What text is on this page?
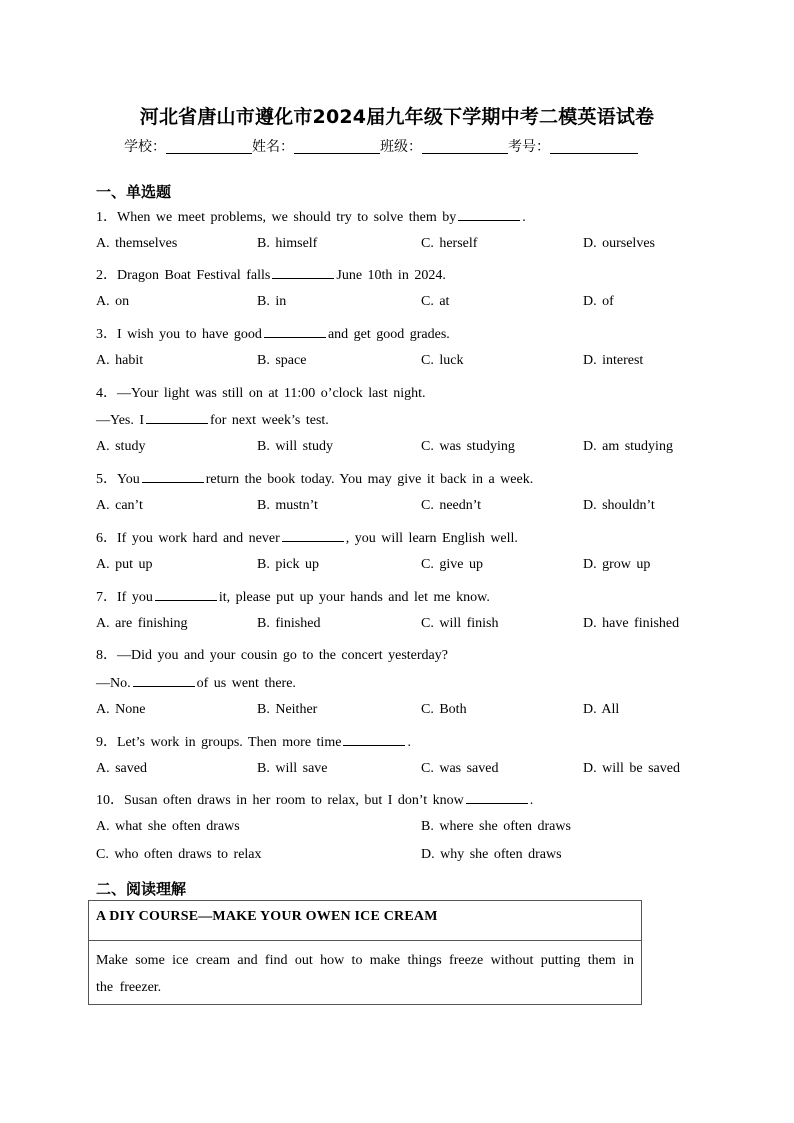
河北省唐山市遵化市2024届九年级下学期中考二模英语试卷
学校：	姓名：	班级：	考号：
一、单选题
1．When we meet problems, we should try to solve them by	.
A. themselves	B. himself	C. herself	D. ourselves
2．Dragon Boat Festival falls	June 10th in 2024.
A. on	B. in	C. at	D. of
3．I wish you to have good	and get good grades.
A. habit	B. space	C. luck	D. interest
4．—Your light was still on at 11:00 o’clock last night.
—Yes. I	for next week’s test.
A. study	B. will study	C. was studying	D. am studying
5．You	return the book today. You may give it back in a week.
A. can’t	B. mustn’t	C. needn’t	D. shouldn’t
6．If you work hard and never	, you will learn English well.
A. put up	B. pick up	C. give up	D. grow up
7．If you	it, please put up your hands and let me know.
A. are finishing	B. finished	C. will finish	D. have finished
8．—Did you and your cousin go to the concert yesterday?
—No.	of us went there.
A. None	B. Neither	C. Both	D. All
9．Let’s work in groups. Then more time	.
A. saved	B. will save	C. was saved	D. will be saved
10．Susan often draws in her room to relax, but I don’t know	.
A. what she often draws	B. where she often draws
C. who often draws to relax	D. why she often draws
二、阅读理解
A DIY COURSE—MAKE YOUR OWEN ICE CREAM
Make some ice cream and find out how to make things freeze without putting them in the freezer.
